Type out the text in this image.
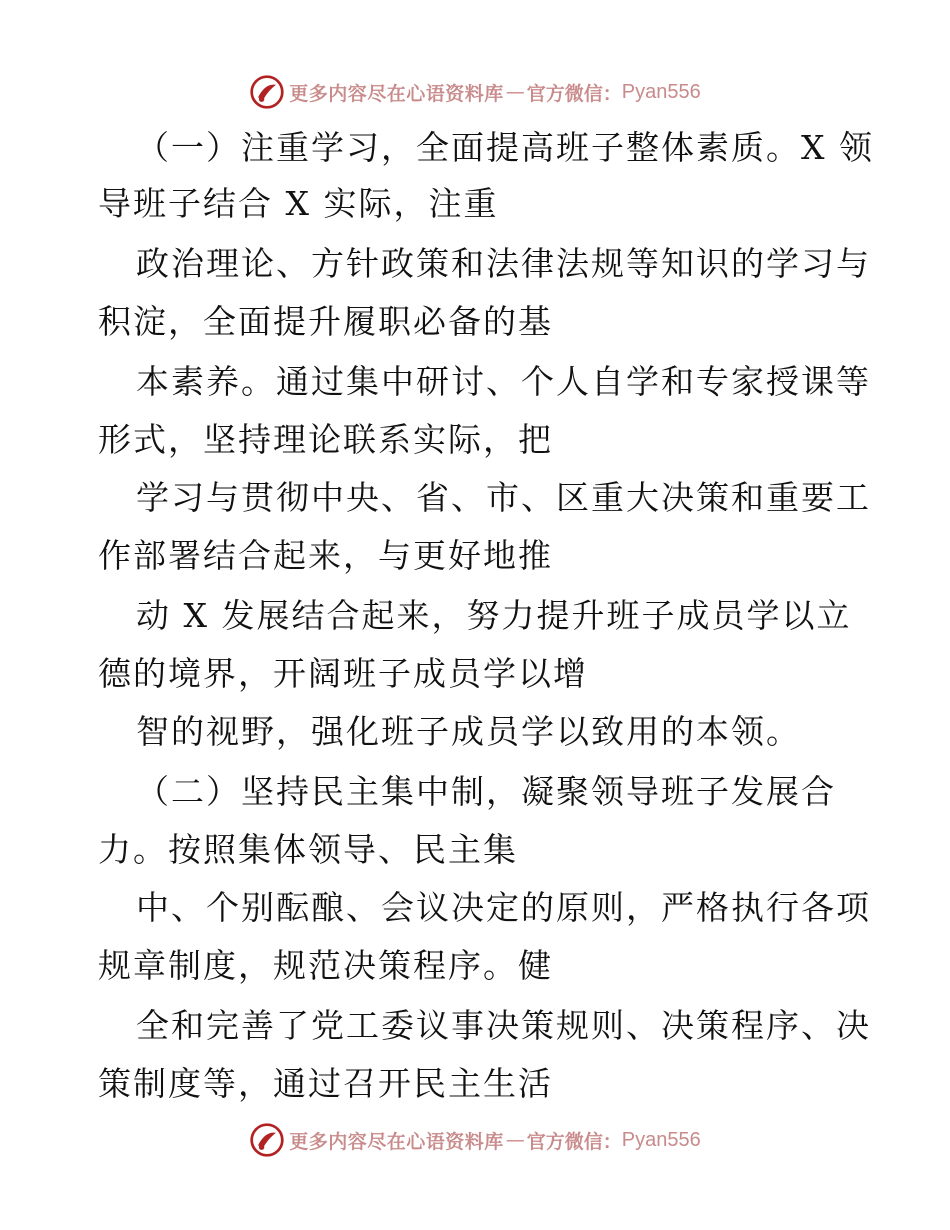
更多内容尽在心语资料库 — 官方微信： Pyan556
（一）注重学习，全面提高班子整体素质。X 领
导班子结合 X 实际，注重
政治理论、方针政策和法律法规等知识的学习与
积淀，全面提升履职必备的基
本素养。通过集中研讨、个人自学和专家授课等
形式，坚持理论联系实际，把
学习与贯彻中央、省、市、区重大决策和重要工
作部署结合起来，与更好地推
动 X 发展结合起来，努力提升班子成员学以立
德的境界，开阔班子成员学以增
智的视野，强化班子成员学以致用的本领。
（二）坚持民主集中制，凝聚领导班子发展合
力。按照集体领导、民主集
中、个别酝酿、会议决定的原则，严格执行各项
规章制度，规范决策程序。健
全和完善了党工委议事决策规则、决策程序、决
策制度等，通过召开民主生活
更多内容尽在心语资料库 — 官方微信： Pyan556
